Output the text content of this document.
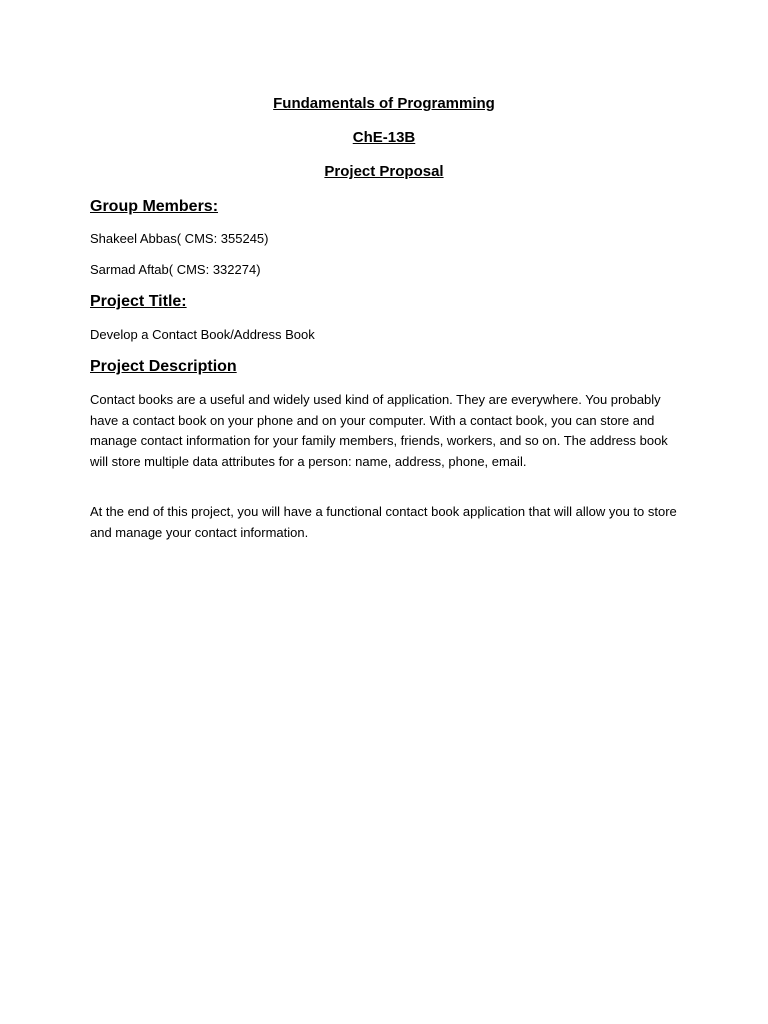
Fundamentals of Programming
ChE-13B
Project Proposal
Group Members:
Shakeel Abbas( CMS: 355245)
Sarmad Aftab( CMS: 332274)
Project Title:
Develop a Contact Book/Address Book
Project Description
Contact books are a useful and widely used kind of application. They are everywhere. You probably have a contact book on your phone and on your computer. With a contact book, you can store and manage contact information for your family members, friends, workers, and so on. The address book will store multiple data attributes for a person: name, address, phone, email.
At the end of this project, you will have a functional contact book application that will allow you to store and manage your contact information.
